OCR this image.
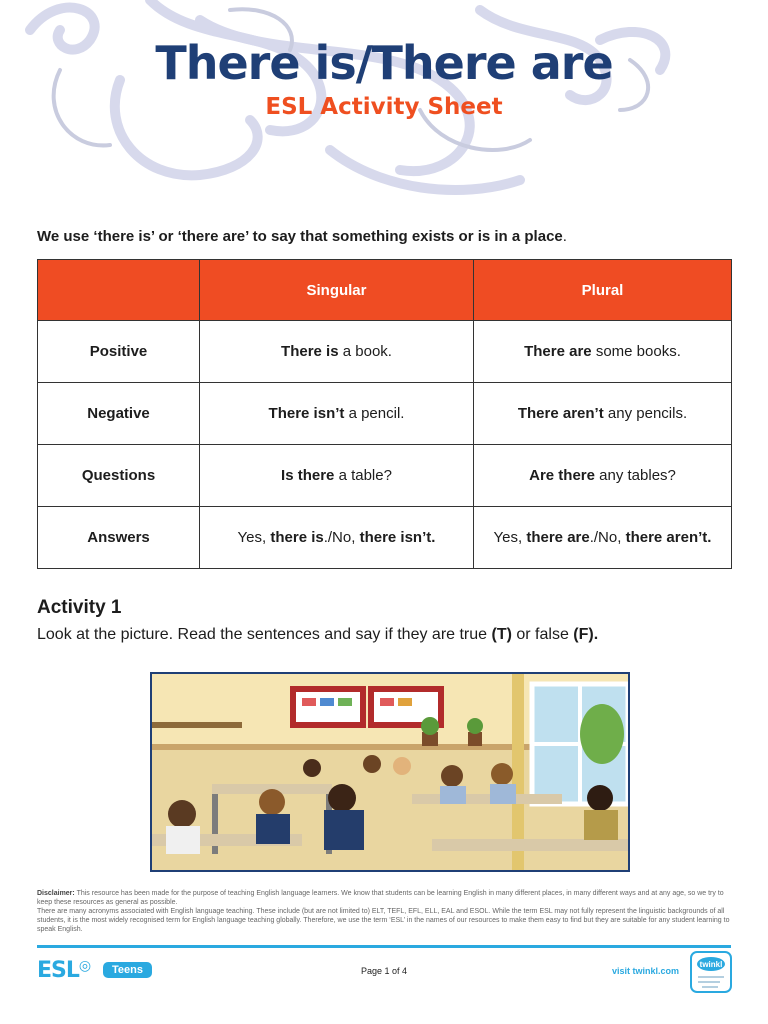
There is/There are
ESL Activity Sheet
We use ‘there is’ or ‘there are’ to say that something exists or is in a place.
	Singular	Plural
Positive	There is a book.	There are some books.
Negative	There isn’t a pencil.	There aren’t any pencils.
Questions	Is there a table?	Are there any tables?
Answers	Yes, there is./No, there isn’t.	Yes, there are./No, there aren’t.
Activity 1
Look at the picture. Read the sentences and say if they are true (T) or false (F).
Disclaimer: This resource has been made for the purpose of teaching English language learners. We know that students can be learning English in many different places, in many different ways and at any age, so we try to keep these resources as general as possible.
There are many acronyms associated with English language teaching. These include (but are not limited to) ELT, TEFL, EFL, ELL, EAL and ESOL. While the term ESL may not fully represent the linguistic backgrounds of all students, it is the most widely recognised term for English language teaching globally. Therefore, we use the term ‘ESL’ in the names of our resources to make them easy to find but they are suitable for any student learning to speak English.
ESL◎	Teens	Page 1 of 4	visit twinkl.com
twinkl
